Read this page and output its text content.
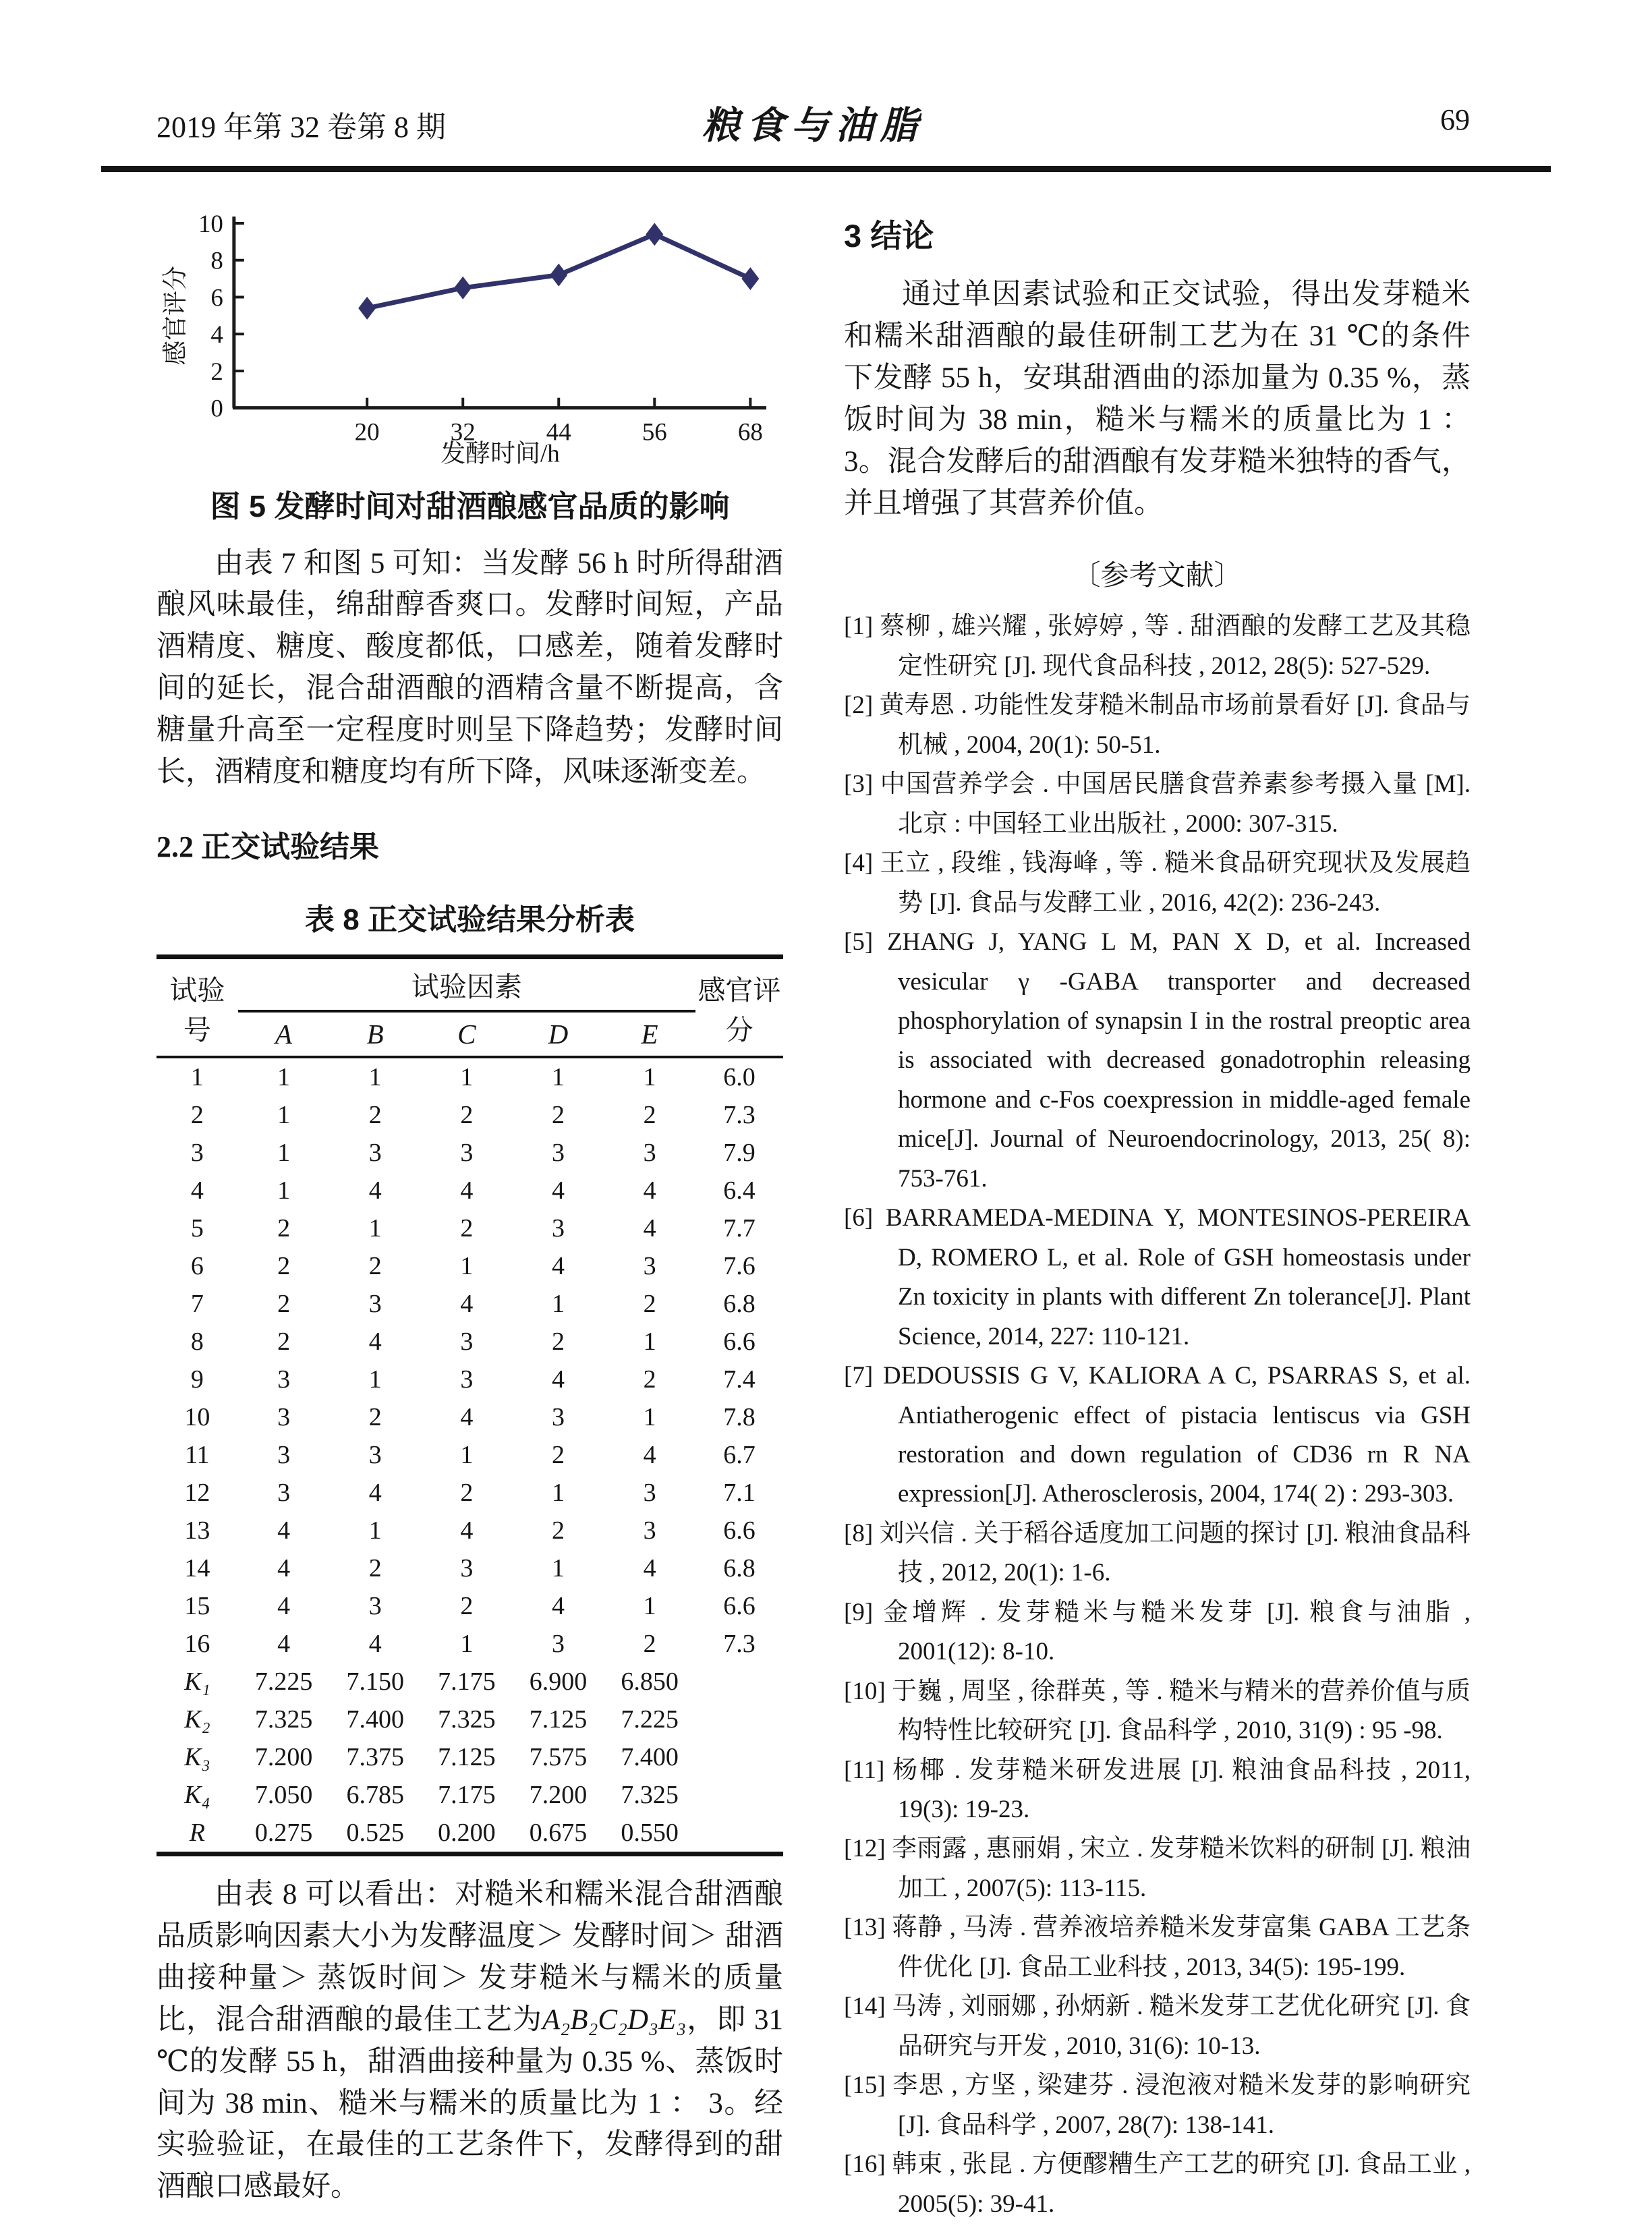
2019 年第 32 卷第 8 期	粮食与油脂	69
0
2
4
6
8
10
20	32	44	56	68
感官评分
发酵时间/h
图 5 发酵时间对甜酒酿感官品质的影响

由表 7 和图 5 可知：当发酵 56 h 时所得甜酒酿风味最佳，绵甜醇香爽口。发酵时间短，产品酒精度、糖度、酸度都低，口感差，随着发酵时间的延长，混合甜酒酿的酒精含量不断提高，含糖量升高至一定程度时则呈下降趋势；发酵时间长，酒精度和糖度均有所下降，风味逐渐变差。

2.2 正交试验结果
表 8 正交试验结果分析表
试验号	试验因素					感官评分
	A	B	C	D	E	
1	1	1	1	1	1	6.0
2	1	2	2	2	2	7.3
3	1	3	3	3	3	7.9
4	1	4	4	4	4	6.4
5	2	1	2	3	4	7.7
6	2	2	1	4	3	7.6
7	2	3	4	1	2	6.8
8	2	4	3	2	1	6.6
9	3	1	3	4	2	7.4
10	3	2	4	3	1	7.8
11	3	3	1	2	4	6.7
12	3	4	2	1	3	7.1
13	4	1	4	2	3	6.6
14	4	2	3	1	4	6.8
15	4	3	2	4	1	6.6
16	4	4	1	3	2	7.3
K₁	7.225	7.150	7.175	6.900	6.850	
K₂	7.325	7.400	7.325	7.125	7.225	
K₃	7.200	7.375	7.125	7.575	7.400	
K₄	7.050	6.785	7.175	7.200	7.325	
R	0.275	0.525	0.200	0.675	0.550	

由表 8 可以看出：对糙米和糯米混合甜酒酿品质影响因素大小为发酵温度＞ 发酵时间＞ 甜酒曲接种量＞ 蒸饭时间＞ 发芽糙米与糯米的质量比，混合甜酒酿的最佳工艺为A₂B₂C₂D₃E₃，即 31 ℃的发酵 55 h，甜酒曲接种量为 0.35 %、蒸饭时间为 38 min、糙米与糯米的质量比为 1 ： 3。经实验验证，在最佳的工艺条件下，发酵得到的甜酒酿口感最好。

3 结论

通过单因素试验和正交试验，得出发芽糙米和糯米甜酒酿的最佳研制工艺为在 31 ℃的条件下发酵 55 h，安琪甜酒曲的添加量为 0.35 %，蒸饭时间为 38 min，糙米与糯米的质量比为 1 ： 3。混合发酵后的甜酒酿有发芽糙米独特的香气，并且增强了其营养价值。

〔参考文献〕
[1] 蔡柳 , 雄兴耀 , 张婷婷 , 等 . 甜酒酿的发酵工艺及其稳定性研究 [J]. 现代食品科技 , 2012, 28(5): 527-529.
[2] 黄寿恩 . 功能性发芽糙米制品市场前景看好 [J]. 食品与机械 , 2004, 20(1): 50-51.
[3] 中国营养学会 . 中国居民膳食营养素参考摄入量 [M]. 北京 : 中国轻工业出版社 , 2000: 307-315.
[4] 王立 , 段维 , 钱海峰 , 等 . 糙米食品研究现状及发展趋势 [J]. 食品与发酵工业 , 2016, 42(2): 236-243.
[5] ZHANG J, YANG L M, PAN X D, et al. Increased vesicular γ -GABA transporter and decreased phosphorylation of synapsin I in the rostral preoptic area is associated with decreased gonadotrophin releasing hormone and c-Fos coexpression in middle-aged female mice[J]. Journal of Neuroendocrinology, 2013, 25( 8): 753-761.
[6] BARRAMEDA-MEDINA Y, MONTESINOS-PEREIRA D, ROMERO L, et al. Role of GSH homeostasis under Zn toxicity in plants with different Zn tolerance[J]. Plant Science, 2014, 227: 110-121.
[7] DEDOUSSIS G V, KALIORA A C, PSARRAS S, et al. Antiatherogenic effect of pistacia lentiscus via GSH restoration and down regulation of CD36 rn R NA expression[J]. Atherosclerosis, 2004, 174( 2) : 293-303.
[8] 刘兴信 . 关于稻谷适度加工问题的探讨 [J]. 粮油食品科技 , 2012, 20(1): 1-6.
[9] 金增辉 . 发芽糙米与糙米发芽 [J]. 粮食与油脂 , 2001(12): 8-10.
[10] 于巍 , 周坚 , 徐群英 , 等 . 糙米与精米的营养价值与质构特性比较研究 [J]. 食品科学 , 2010, 31(9) : 95 -98.
[11] 杨椰 . 发芽糙米研发进展 [J]. 粮油食品科技 , 2011, 19(3): 19-23.
[12] 李雨露 , 惠丽娟 , 宋立 . 发芽糙米饮料的研制 [J]. 粮油加工 , 2007(5): 113-115.
[13] 蒋静 , 马涛 . 营养液培养糙米发芽富集 GABA 工艺条件优化 [J]. 食品工业科技 , 2013, 34(5): 195-199.
[14] 马涛 , 刘丽娜 , 孙炳新 . 糙米发芽工艺优化研究 [J]. 食品研究与开发 , 2010, 31(6): 10-13.
[15] 李思 , 方坚 , 梁建芬 . 浸泡液对糙米发芽的影响研究 [J]. 食品科学 , 2007, 28(7): 138-141.
[16] 韩束 , 张昆 . 方便醪糟生产工艺的研究 [J]. 食品工业 , 2005(5): 39-41.
